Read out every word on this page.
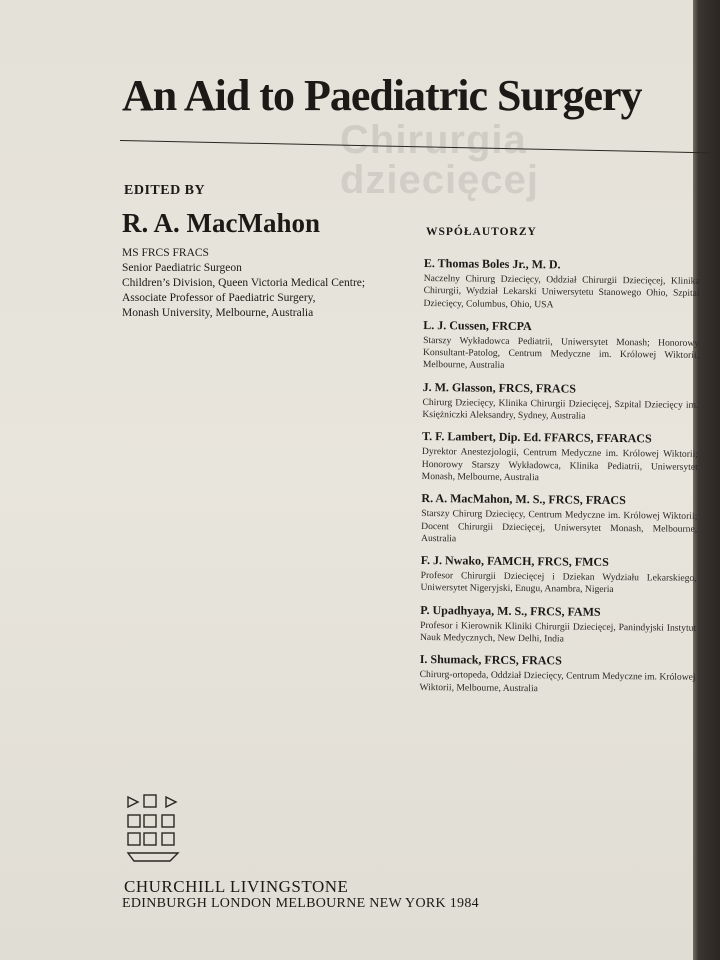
Chirurgia
dziecięcej
An Aid to Paediatric Surgery
EDITED BY
R. A. MacMahon
MS FRCS FRACS
Senior Paediatric Surgeon
Children’s Division, Queen Victoria Medical Centre;
Associate Professor of Paediatric Surgery,
Monash University, Melbourne, Australia
WSPÓŁAUTORZY
E. Thomas Boles Jr., M. D.
Naczelny Chirurg Dziecięcy, Oddział Chirurgii Dziecięcej, Klinika Chirurgii, Wydział Lekarski Uniwersytetu Stanowego Ohio, Szpital Dziecięcy, Columbus, Ohio, USA
L. J. Cussen, FRCPA
Starszy Wykładowca Pediatrii, Uniwersytet Monash; Honorowy Konsultant-Patolog, Centrum Medyczne im. Królowej Wiktorii, Melbourne, Australia
J. M. Glasson, FRCS, FRACS
Chirurg Dziecięcy, Klinika Chirurgii Dziecięcej, Szpital Dziecięcy im. Księżniczki Aleksandry, Sydney, Australia
T. F. Lambert, Dip. Ed. FFARCS, FFARACS
Dyrektor Anestezjologii, Centrum Medyczne im. Królowej Wiktorii; Honorowy Starszy Wykładowca, Klinika Pediatrii, Uniwersytet Monash, Melbourne, Australia
R. A. MacMahon, M. S., FRCS, FRACS
Starszy Chirurg Dziecięcy, Centrum Medyczne im. Królowej Wiktorii; Docent Chirurgii Dziecięcej, Uniwersytet Monash, Melbourne, Australia
F. J. Nwako, FAMCH, FRCS, FMCS
Profesor Chirurgii Dziecięcej i Dziekan Wydziału Lekarskiego, Uniwersytet Nigeryjski, Enugu, Anambra, Nigeria
P. Upadhyaya, M. S., FRCS, FAMS
Profesor i Kierownik Kliniki Chirurgii Dziecięcej, Panindyjski Instytut Nauk Medycznych, New Delhi, India
I. Shumack, FRCS, FRACS
Chirurg-ortopeda, Oddział Dziecięcy, Centrum Medyczne im. Królowej Wiktorii, Melbourne, Australia
CHURCHILL LIVINGSTONE
EDINBURGH LONDON MELBOURNE NEW YORK 1984
